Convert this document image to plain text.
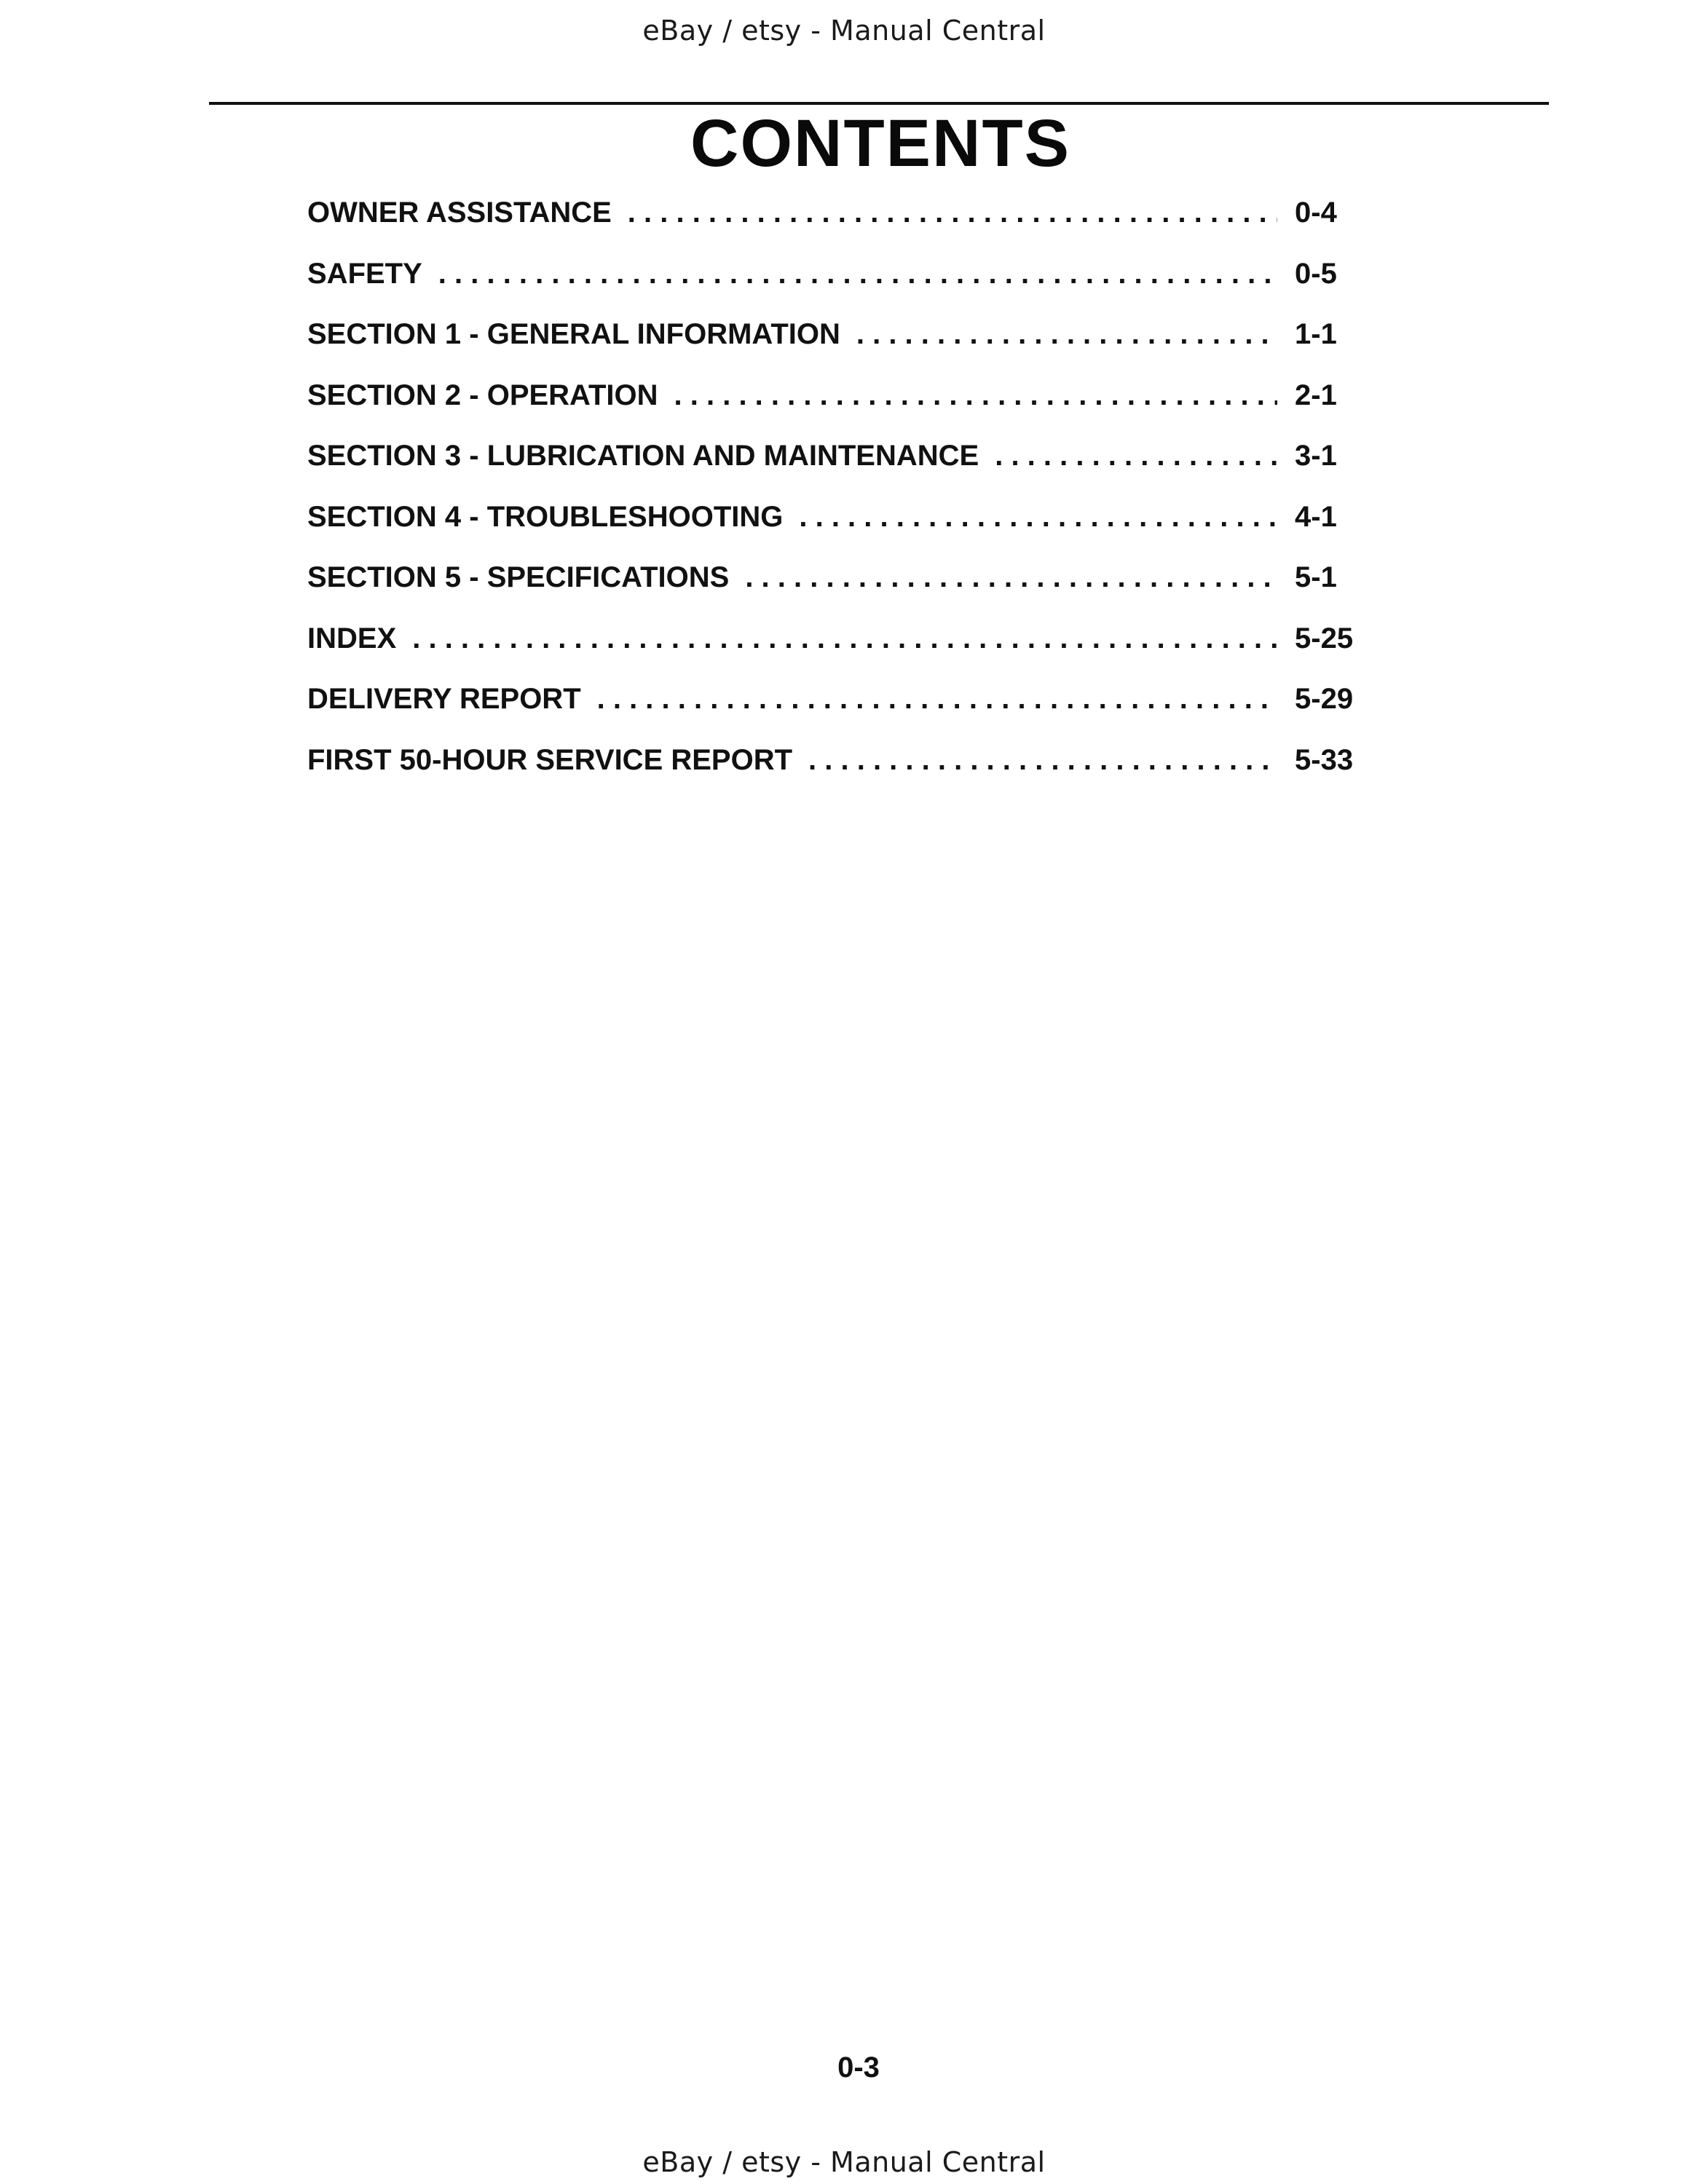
eBay / etsy - Manual Central
CONTENTS
OWNER ASSISTANCE . . .	0-4
SAFETY . . .	0-5
SECTION 1 - GENERAL INFORMATION . . .	1-1
SECTION 2 - OPERATION . . .	2-1
SECTION 3 - LUBRICATION AND MAINTENANCE . . .	3-1
SECTION 4 - TROUBLESHOOTING . . .	4-1
SECTION 5 - SPECIFICATIONS . . .	5-1
INDEX . . .	5-25
DELIVERY REPORT . . .	5-29
FIRST 50-HOUR SERVICE REPORT . . .	5-33
0-3
eBay / etsy - Manual Central
